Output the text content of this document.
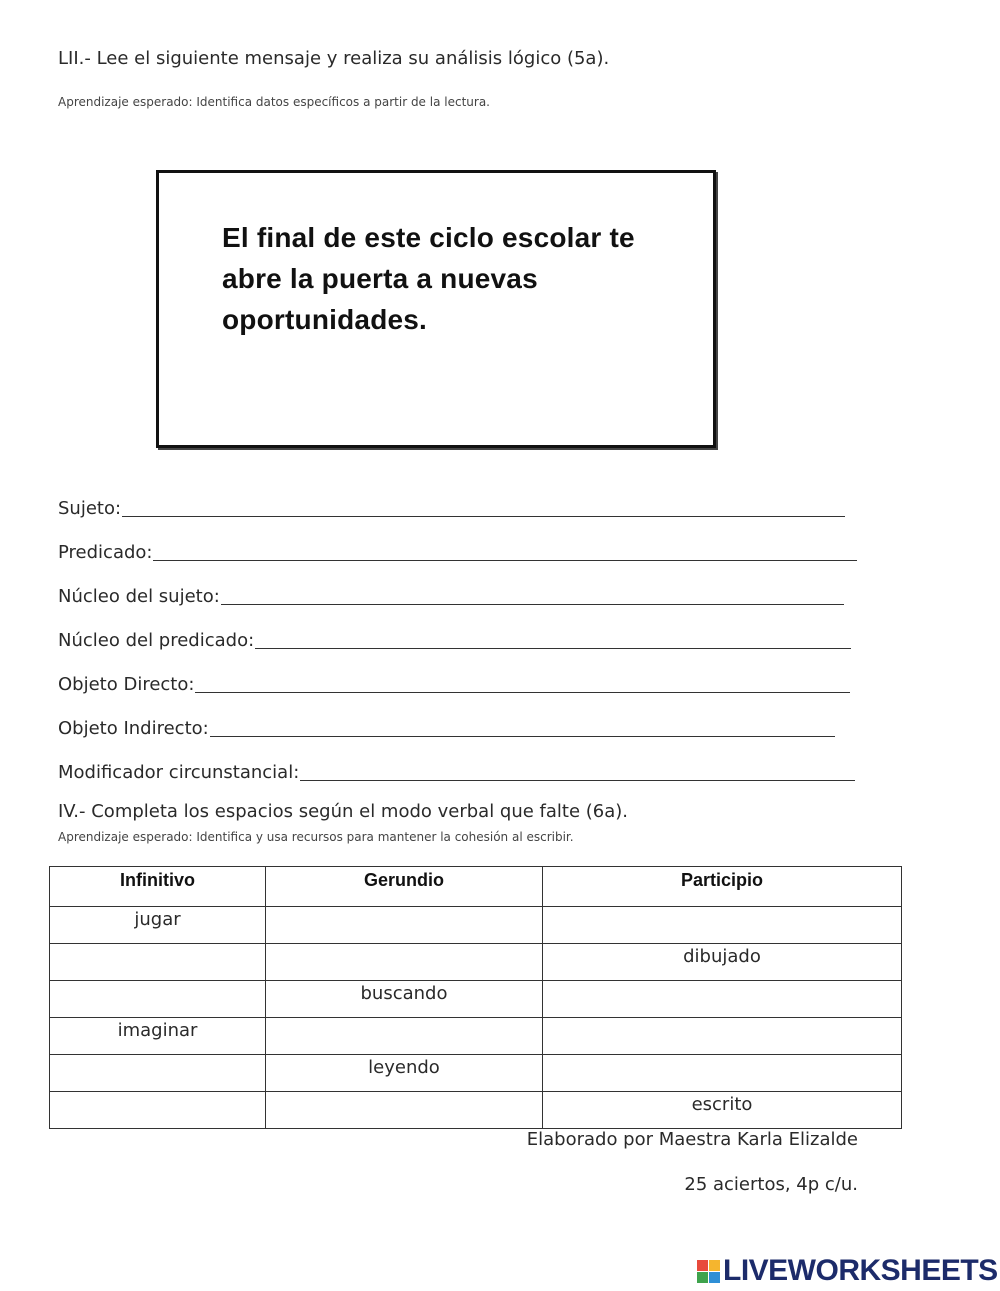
LII.- Lee el siguiente mensaje y realiza su análisis lógico (5a).
Aprendizaje esperado: Identifica datos específicos a partir de la lectura.
El final de este ciclo escolar te abre la puerta a nuevas oportunidades.
Sujeto:
Predicado:
Núcleo del sujeto:
Núcleo del predicado:
Objeto Directo:
Objeto Indirecto:
Modificador circunstancial:
IV.- Completa los espacios según el modo verbal que falte (6a).
Aprendizaje esperado: Identifica y usa recursos para mantener la cohesión al escribir.
Infinitivo	Gerundio	Participio

jugar		

		dibujado

	buscando	

imaginar		

	leyendo	

		escrito
Elaborado por Maestra Karla Elizalde
25 aciertos, 4p c/u.
LIVEWORKSHEETS
